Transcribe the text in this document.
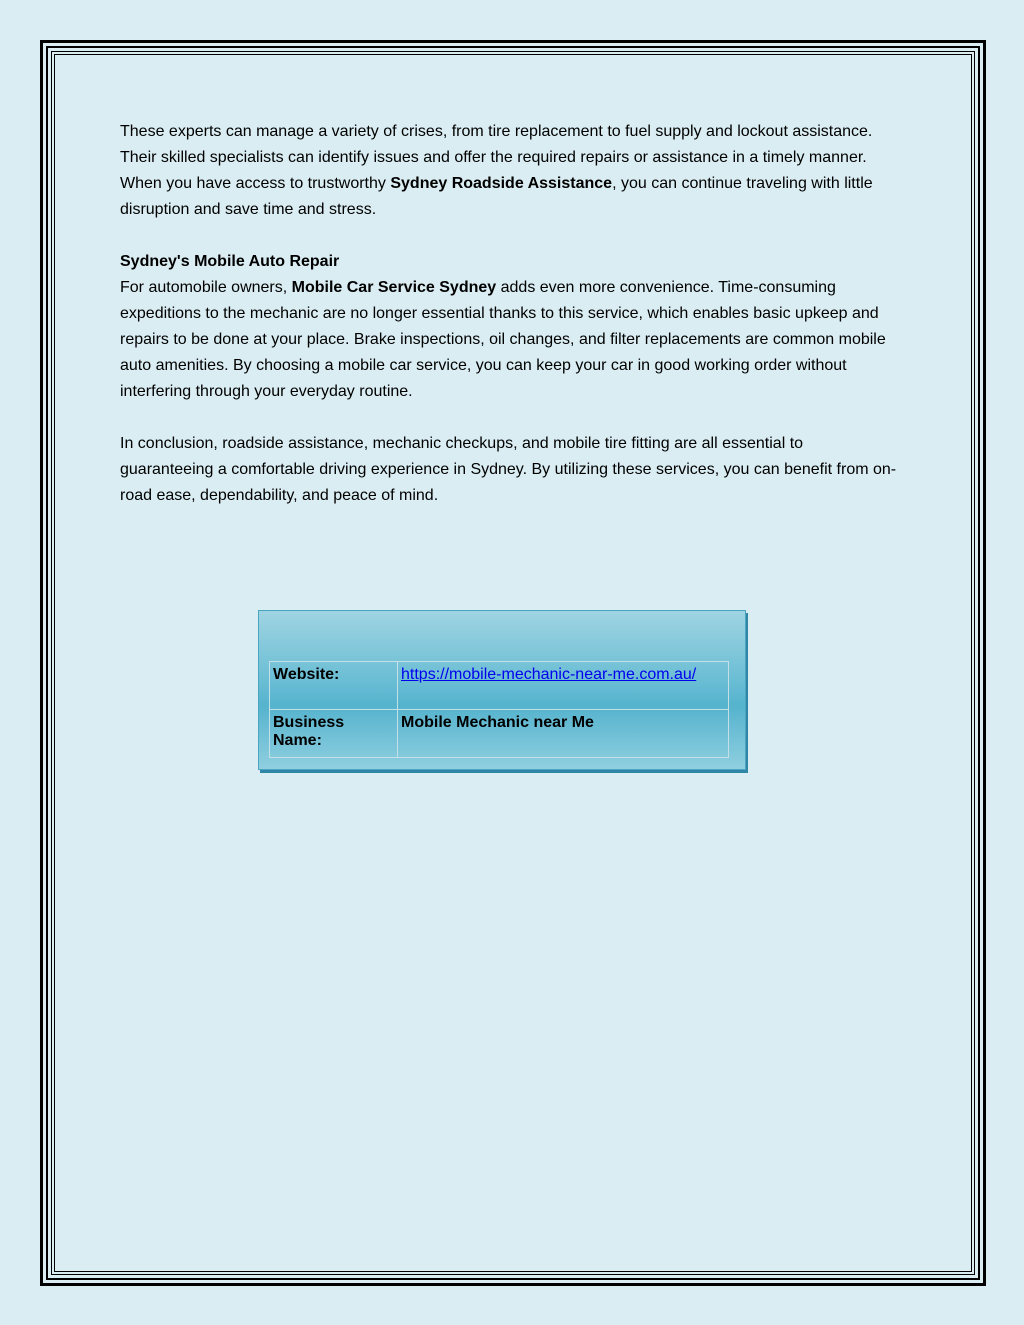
These experts can manage a variety of crises, from tire replacement to fuel supply and lockout assistance. Their skilled specialists can identify issues and offer the required repairs or assistance in a timely manner. When you have access to trustworthy Sydney Roadside Assistance, you can continue traveling with little disruption and save time and stress.

Sydney's Mobile Auto Repair
For automobile owners, Mobile Car Service Sydney adds even more convenience. Time-consuming expeditions to the mechanic are no longer essential thanks to this service, which enables basic upkeep and repairs to be done at your place. Brake inspections, oil changes, and filter replacements are common mobile auto amenities. By choosing a mobile car service, you can keep your car in good working order without interfering through your everyday routine.

In conclusion, roadside assistance, mechanic checkups, and mobile tire fitting are all essential to guaranteeing a comfortable driving experience in Sydney. By utilizing these services, you can benefit from on-road ease, dependability, and peace of mind.

Website:	https://mobile-mechanic-near-me.com.au/
Business Name:	Mobile Mechanic near Me
